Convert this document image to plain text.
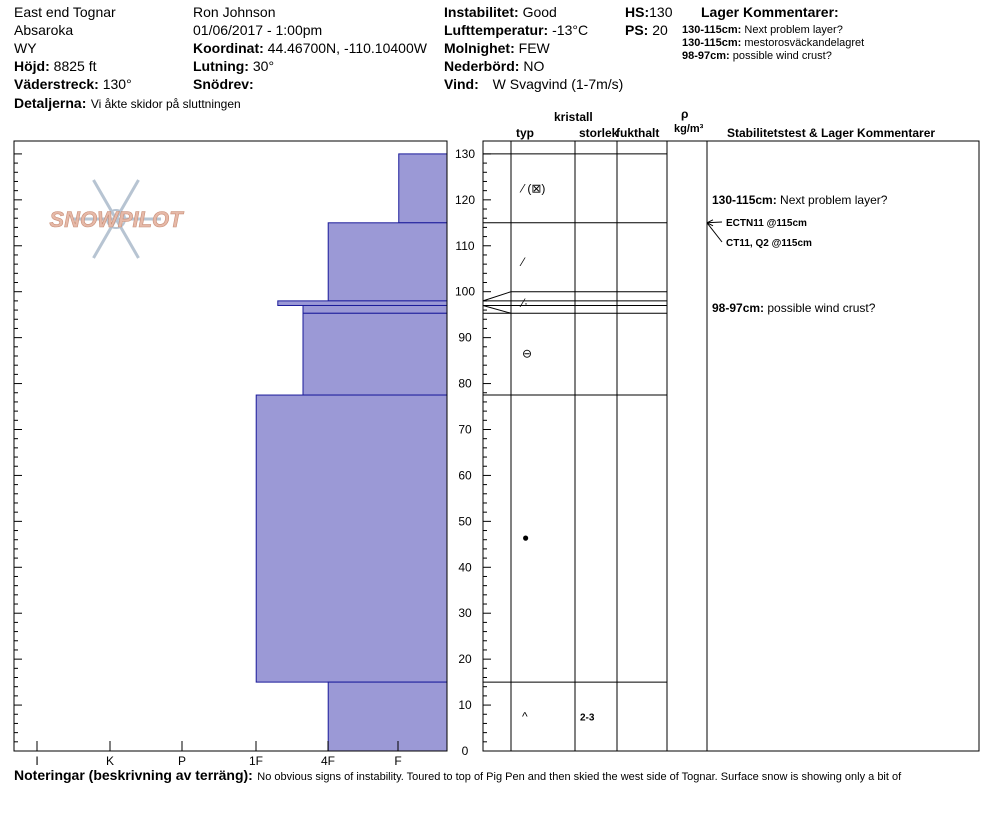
East end Tognar
Absaroka
WY
Höjd: 8825 ft
Väderstreck: 130°
Detaljerna: Vi åkte skidor på sluttningen
Ron Johnson
01/06/2017 - 1:00pm
Koordinat: 44.46700N, -110.10400W
Lutning: 30°
Snödrev:
Instabilitet: Good
Lufttemperatur: -13°C
Molnighet: FEW
Nederbörd: NO
Vind: W Svagvind (1-7m/s)
HS:130
PS: 20
Lager Kommentarer:
130-115cm: Next problem layer?
130-115cm: mestorosväckandelagret
98-97cm: possible wind crust?
kristall
typ	storlek
fukthalt
ρ
kg/m³ Stabilitetstest & Lager Kommentarer
SNOWPILOT
0
10
20
30
40
50
60
70
80
90
100
110
120
130
I	K	P	1F	4F	F
⁄ (⊠)
⁄
⁄·
⊖
●
^	2-3
130-115cm: Next problem layer?
98-97cm: possible wind crust?
ECTN11 @115cm
CT11, Q2 @115cm
Noteringar (beskrivning av terräng): No obvious signs of instability. Toured to top of Pig Pen and then skied the west side of Tognar. Surface snow is showing only a bit of
